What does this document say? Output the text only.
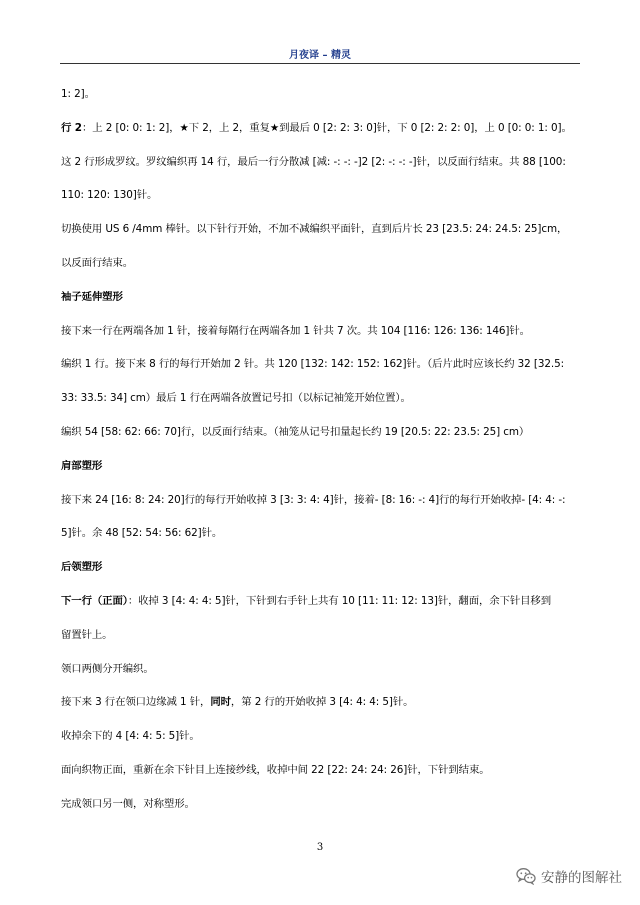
月夜译 – 精灵
1: 2]。
行 2：上 2 [0: 0: 1: 2]，★下 2，上 2，重复★到最后 0 [2: 2: 3: 0]针，下 0 [2: 2: 2: 0]，上 0 [0: 0: 1: 0]。
这 2 行形成罗纹。罗纹编织再 14 行，最后一行分散减 [减: -: -: -]2 [2: -: -: -]针，以反面行结束。共 88 [100:
110: 120: 130]针。
切换使用 US 6 /4mm 棒针。以下针行开始，不加不减编织平面针，直到后片长 23 [23.5: 24: 24.5: 25]cm，
以反面行结束。
袖子延伸塑形
接下来一行在两端各加 1 针，接着每隔行在两端各加 1 针共 7 次。共 104 [116: 126: 136: 146]针。
编织 1 行。接下来 8 行的每行开始加 2 针。共 120 [132: 142: 152: 162]针。（后片此时应该长约 32 [32.5:
33: 33.5: 34] cm）最后 1 行在两端各放置记号扣（以标记袖笼开始位置）。
编织 54 [58: 62: 66: 70]行，以反面行结束。（袖笼从记号扣量起长约 19 [20.5: 22: 23.5: 25] cm）
肩部塑形
接下来 24 [16: 8: 24: 20]行的每行开始收掉 3 [3: 3: 4: 4]针，接着- [8: 16: -: 4]行的每行开始收掉- [4: 4: -:
5]针。余 48 [52: 54: 56: 62]针。
后领塑形
下一行（正面）：收掉 3 [4: 4: 4: 5]针，下针到右手针上共有 10 [11: 11: 12: 13]针，翻面，余下针目移到
留置针上。
领口两侧分开编织。
接下来 3 行在领口边缘减 1 针，同时，第 2 行的开始收掉 3 [4: 4: 4: 5]针。
收掉余下的 4 [4: 4: 5: 5]针。
面向织物正面，重新在余下针目上连接纱线，收掉中间 22 [22: 24: 24: 26]针，下针到结束。
完成领口另一侧，对称塑形。
3
安静的图解社
